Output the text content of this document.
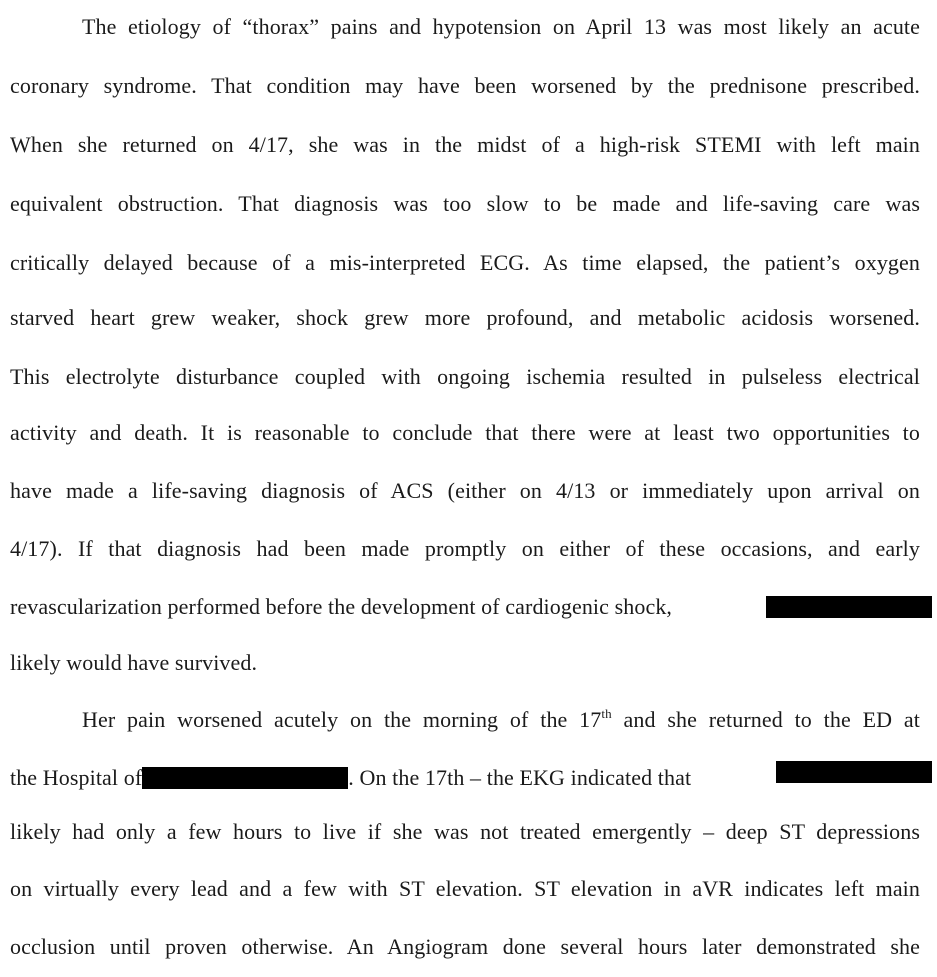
The etiology of “thorax” pains and hypotension on April 13 was most likely an acute
coronary syndrome. That condition may have been worsened by the prednisone prescribed.
When she returned on 4/17, she was in the midst of a high-risk STEMI with left main
equivalent obstruction. That diagnosis was too slow to be made and life-saving care was
critically delayed because of a mis-interpreted ECG. As time elapsed, the patient’s oxygen
starved heart grew weaker, shock grew more profound, and metabolic acidosis worsened.
This electrolyte disturbance coupled with ongoing ischemia resulted in pulseless electrical
activity and death. It is reasonable to conclude that there were at least two opportunities to
have made a life-saving diagnosis of ACS (either on 4/13 or immediately upon arrival on
4/17). If that diagnosis had been made promptly on either of these occasions, and early
revascularization performed before the development of cardiogenic shock,
likely would have survived.
Her pain worsened acutely on the morning of the 17th and she returned to the ED at
the Hospital of	. On the 17th – the EKG indicated that
likely had only a few hours to live if she was not treated emergently – deep ST depressions
on virtually every lead and a few with ST elevation. ST elevation in aVR indicates left main
occlusion until proven otherwise. An Angiogram done several hours later demonstrated she
